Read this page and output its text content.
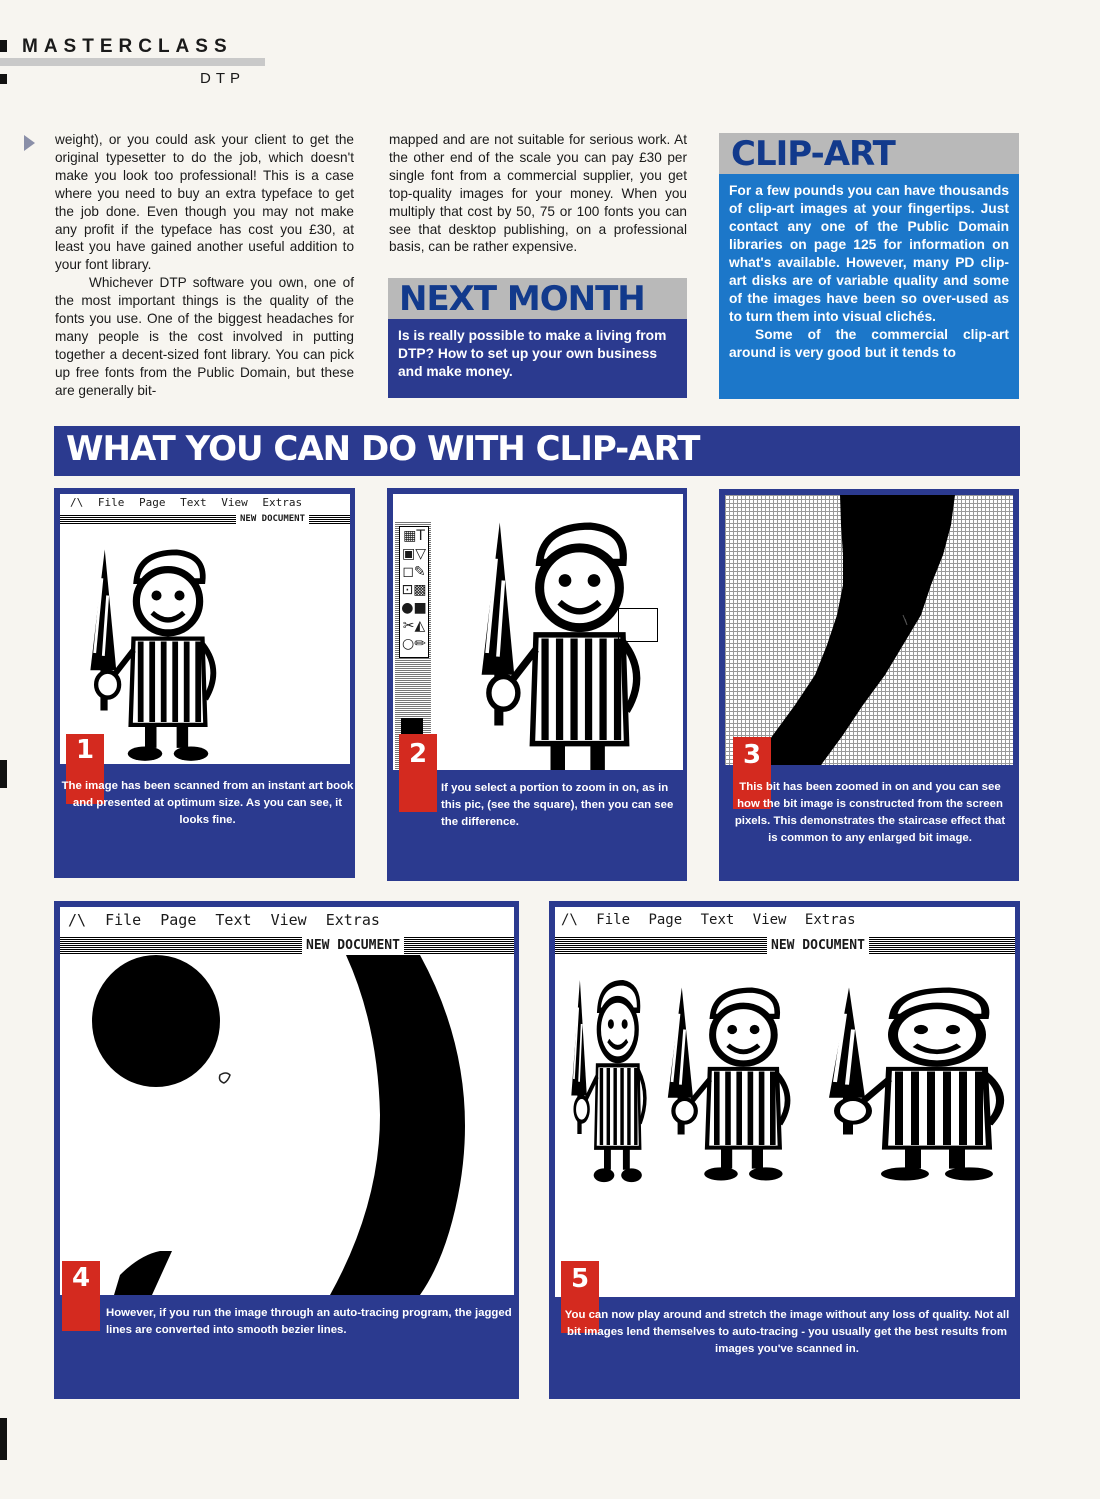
MASTERCLASS
DTP

weight), or you could ask your client to get the original typesetter to do the job, which doesn't make you look too professional! This is a case where you need to buy an extra typeface to get the job done. Even though you may not make any profit if the typeface has cost you £30, at least you have gained another useful addition to your font library.

Whichever DTP software you own, one of the most important things is the quality of the fonts you use. One of the biggest headaches for many people is the cost involved in putting together a decent-sized font library. You can pick up free fonts from the Public Domain, but these are generally bit-

mapped and are not suitable for serious work. At the other end of the scale you can pay £30 per single font from a commercial supplier, you get top-quality images for your money. When you multiply that cost by 50, 75 or 100 fonts you can see that desktop publishing, on a professional basis, can be rather expensive.

NEXT MONTH
Is is really possible to make a living from DTP? How to set up your own business and make money.
CLIP-ART
For a few pounds you can have thousands of clip-art images at your fingertips. Just contact any one of the Public Domain libraries on page 125 for information on what's available. However, many PD clip-art disks are of variable quality and some of the images have been so over-used as to turn them into visual clichés.
Some of the commercial clip-art around is very good but it tends to
WHAT YOU CAN DO WITH CLIP-ART
/\ File Page Text View Extras
NEW DOCUMENT
1
The image has been scanned from an instant art book and presented at optimum size. As you can see, it looks fine.
▦T
▣▽
◻✎
⊡▩
●■
✂◭
○✏
2
If you select a portion to zoom in on, as in this pic, (see the square), then you can see the difference.
3
This bit has been zoomed in on and you can see how the bit image is constructed from the screen pixels. This demonstrates the staircase effect that is common to any enlarged bit image.
/\ File Page Text View Extras
NEW DOCUMENT
4
However, if you run the image through an auto-tracing program, the jagged lines are converted into smooth bezier lines.
/\ File Page Text View Extras
NEW DOCUMENT
5
You can now play around and stretch the image without any loss of quality. Not all bit images lend themselves to auto-tracing - you usually get the best results from images you've scanned in.
